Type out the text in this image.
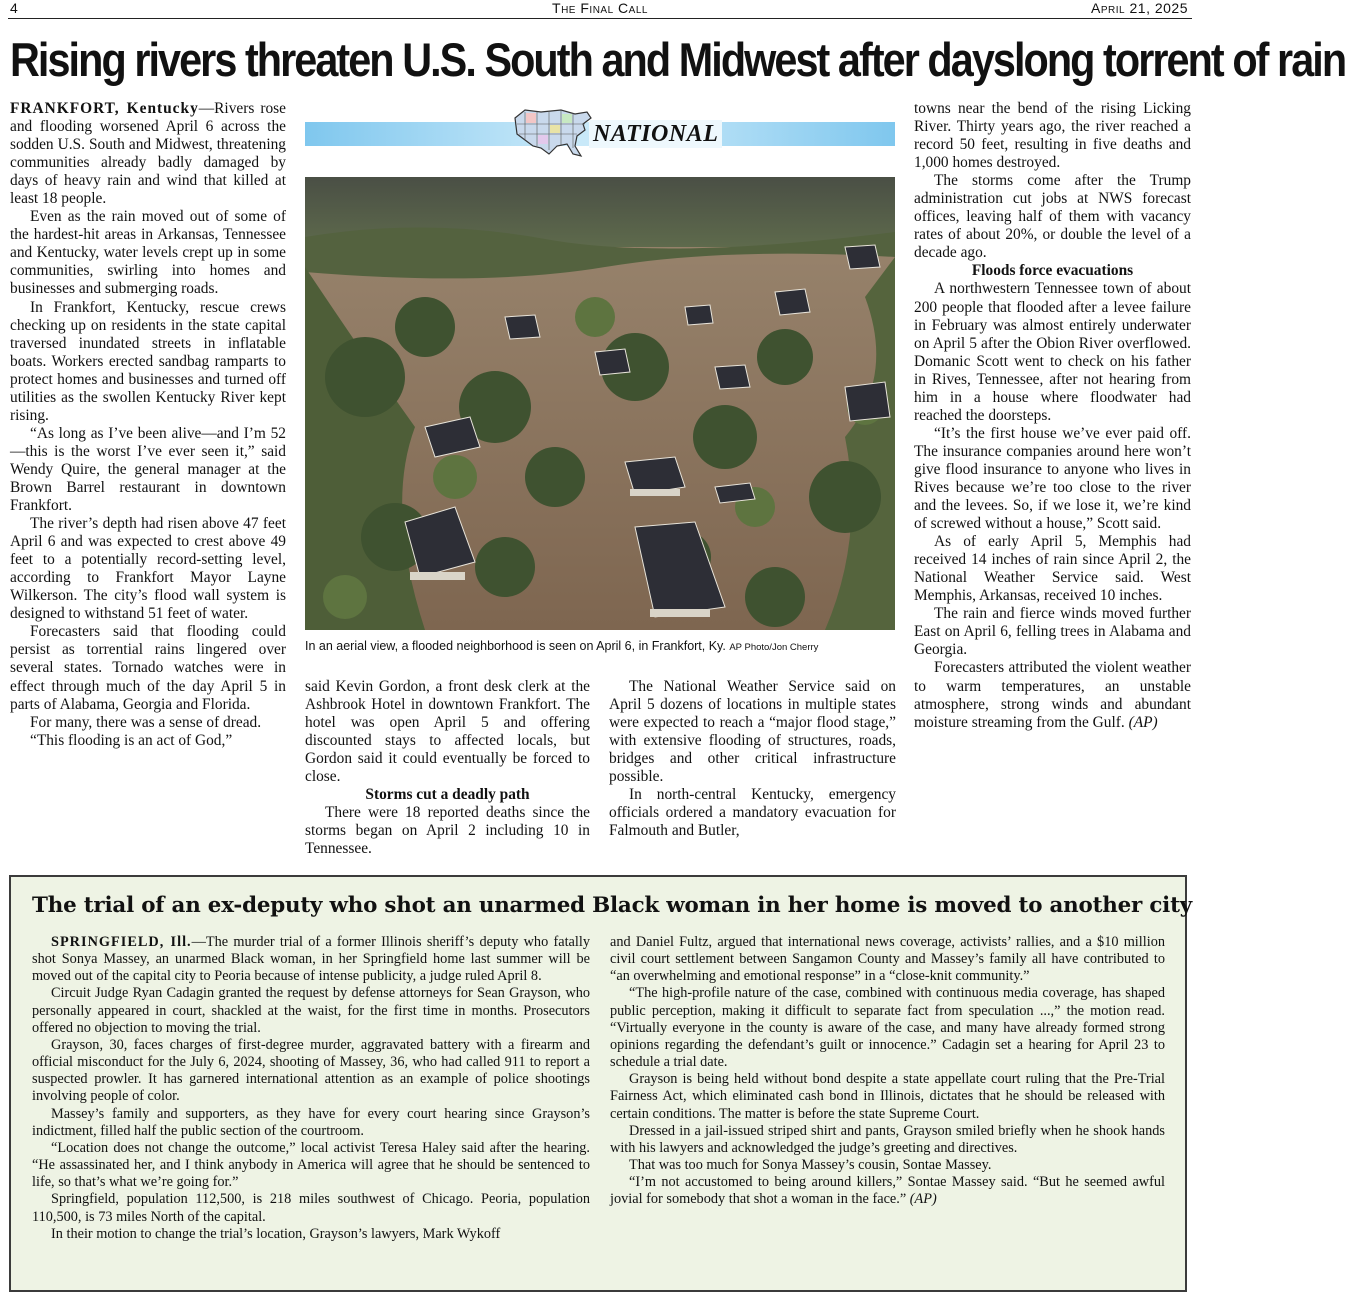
4	The Final Call	April 21, 2025
Rising rivers threaten U.S. South and Midwest after dayslong torrent of rain

FRANKFORT, Kentucky—Rivers rose and flooding worsened April 6 across the sodden U.S. South and Midwest, threatening communities already badly damaged by days of heavy rain and wind that killed at least 18 people.

Even as the rain moved out of some of the hardest-hit areas in Arkansas, Tennessee and Kentucky, water levels crept up in some communities, swirling into homes and businesses and submerging roads.

In Frankfort, Kentucky, rescue crews checking up on residents in the state capital traversed inundated streets in inflatable boats. Workers erected sandbag ramparts to protect homes and businesses and turned off utilities as the swollen Kentucky River kept rising.

“As long as I’ve been alive—and I’m 52—this is the worst I’ve ever seen it,” said Wendy Quire, the general manager at the Brown Barrel restaurant in downtown Frankfort.

The river’s depth had risen above 47 feet April 6 and was expected to crest above 49 feet to a potentially record-setting level, according to Frankfort Mayor Layne Wilkerson. The city’s flood wall system is designed to withstand 51 feet of water.

Forecasters said that flooding could persist as torrential rains lingered over several states. Tornado watches were in effect through much of the day April 5 in parts of Alabama, Georgia and Florida.

For many, there was a sense of dread.

“This flooding is an act of God,”

NATIONAL
In an aerial view, a flooded neighborhood is seen on April 6, in Frankfort, Ky. AP Photo/Jon Cherry

said Kevin Gordon, a front desk clerk at the Ashbrook Hotel in downtown Frankfort. The hotel was open April 5 and offering discounted stays to affected locals, but Gordon said it could eventually be forced to close.

Storms cut a deadly path

There were 18 reported deaths since the storms began on April 2 including 10 in Tennessee.

The National Weather Service said on April 5 dozens of locations in multiple states were expected to reach a “major flood stage,” with extensive flooding of structures, roads, bridges and other critical infrastructure possible.

In north-central Kentucky, emergency officials ordered a mandatory evacuation for Falmouth and Butler,

towns near the bend of the rising Licking River. Thirty years ago, the river reached a record 50 feet, resulting in five deaths and 1,000 homes destroyed.

The storms come after the Trump administration cut jobs at NWS forecast offices, leaving half of them with vacancy rates of about 20%, or double the level of a decade ago.

Floods force evacuations

A northwestern Tennessee town of about 200 people that flooded after a levee failure in February was almost entirely underwater on April 5 after the Obion River overflowed. Domanic Scott went to check on his father in Rives, Tennessee, after not hearing from him in a house where floodwater had reached the doorsteps.

“It’s the first house we’ve ever paid off. The insurance companies around here won’t give flood insurance to anyone who lives in Rives because we’re too close to the river and the levees. So, if we lose it, we’re kind of screwed without a house,” Scott said.

As of early April 5, Memphis had received 14 inches of rain since April 2, the National Weather Service said. West Memphis, Arkansas, received 10 inches.

The rain and fierce winds moved further East on April 6, felling trees in Alabama and Georgia.

Forecasters attributed the violent weather to warm temperatures, an unstable atmosphere, strong winds and abundant moisture streaming from the Gulf. (AP)

The trial of an ex-deputy who shot an unarmed Black woman in her home is moved to another city

SPRINGFIELD, Ill.—The murder trial of a former Illinois sheriff’s deputy who fatally shot Sonya Massey, an unarmed Black woman, in her Springfield home last summer will be moved out of the capital city to Peoria because of intense publicity, a judge ruled April 8.

Circuit Judge Ryan Cadagin granted the request by defense attorneys for Sean Grayson, who personally appeared in court, shackled at the waist, for the first time in months. Prosecutors offered no objection to moving the trial.

Grayson, 30, faces charges of first-degree murder, aggravated battery with a firearm and official misconduct for the July 6, 2024, shooting of Massey, 36, who had called 911 to report a suspected prowler. It has garnered international attention as an example of police shootings involving people of color.

Massey’s family and supporters, as they have for every court hearing since Grayson’s indictment, filled half the public section of the courtroom.

“Location does not change the outcome,” local activist Teresa Haley said after the hearing. “He assassinated her, and I think anybody in America will agree that he should be sentenced to life, so that’s what we’re going for.”

Springfield, population 112,500, is 218 miles southwest of Chicago. Peoria, population 110,500, is 73 miles North of the capital.

In their motion to change the trial’s location, Grayson’s lawyers, Mark Wykoff

and Daniel Fultz, argued that international news coverage, activists’ rallies, and a $10 million civil court settlement between Sangamon County and Massey’s family all have contributed to “an overwhelming and emotional response” in a “close-knit community.”

“The high-profile nature of the case, combined with continuous media coverage, has shaped public perception, making it difficult to separate fact from speculation ...,” the motion read. “Virtually everyone in the county is aware of the case, and many have already formed strong opinions regarding the defendant’s guilt or innocence.” Cadagin set a hearing for April 23 to schedule a trial date.

Grayson is being held without bond despite a state appellate court ruling that the Pre-Trial Fairness Act, which eliminated cash bond in Illinois, dictates that he should be released with certain conditions. The matter is before the state Supreme Court.

Dressed in a jail-issued striped shirt and pants, Grayson smiled briefly when he shook hands with his lawyers and acknowledged the judge’s greeting and directives.

That was too much for Sonya Massey’s cousin, Sontae Massey.

“I’m not accustomed to being around killers,” Sontae Massey said. “But he seemed awful jovial for somebody that shot a woman in the face.” (AP)
